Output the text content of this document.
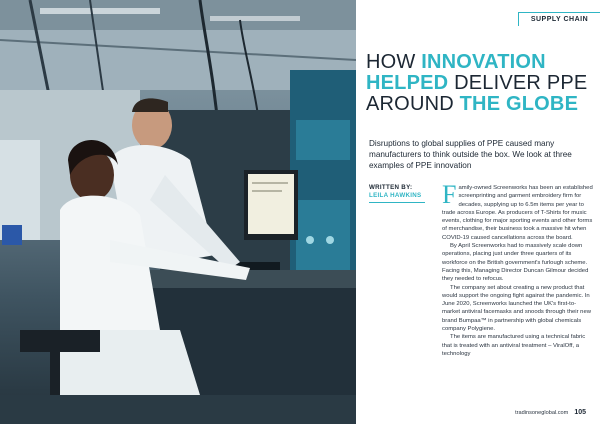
SUPPLY CHAIN
HOW INNOVATION
HELPED DELIVER PPE
AROUND THE GLOBE

Disruptions to global supplies of PPE caused many manufacturers to think outside the box. We look at three examples of PPE innovation

WRITTEN BY:
LEILA HAWKINS Family-owned Screenworks has been an established screenprinting and garment embroidery firm for decades, supplying up to 6.5m items per year to trade across Europe. As producers of T-Shirts for music events, clothing for major sporting events and other forms of merchandise, their business took a massive hit when COVID-19 caused cancellations across the board.

By April Screenworks had to massively scale down operations, placing just under three quarters of its workforce on the British government's furlough scheme. Facing this, Managing Director Duncan Gilmour decided they needed to refocus.

The company set about creating a new product that would support the ongoing fight against the pandemic. In June 2020, Screenworks launched the UK's first-to-market antiviral facemasks and snoods through their new brand Bumpaa™ in partnership with global chemicals company Polygiene.

The items are manufactured using a technical fabric that is treated with an antiviral treatment – ViralOff, a technology

tradinsoneglobal.com 105
